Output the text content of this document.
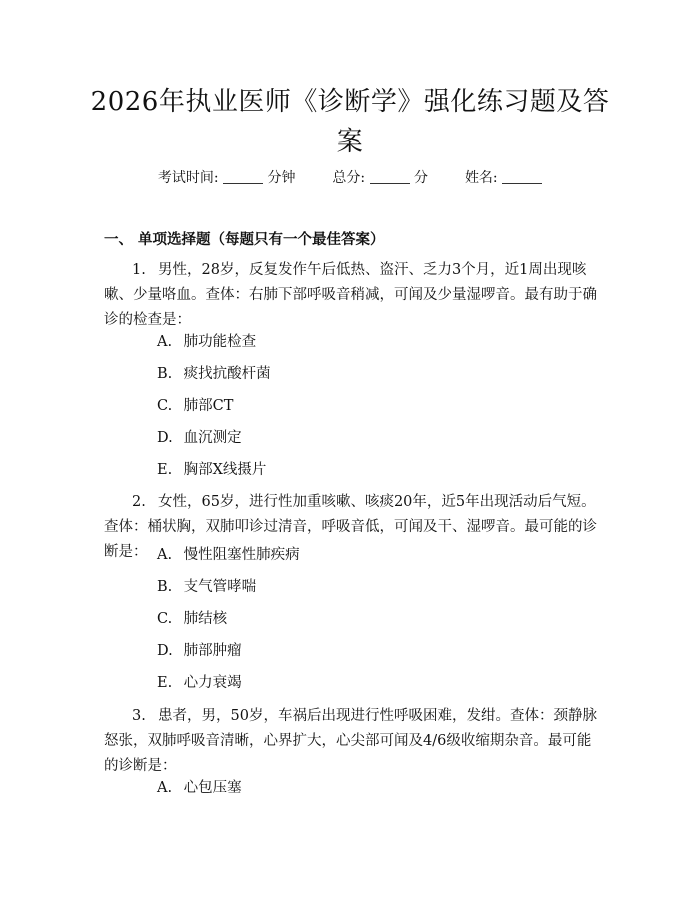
2026年执业医师《诊断学》强化练习题及答案
考试时间:	分钟	总分:	分	姓名:
一、 单项选择题（每题只有一个最佳答案）
1. 男性，28岁，反复发作午后低热、盗汗、乏力3个月，近1周出现咳嗽、少量咯血。查体：右肺下部呼吸音稍减，可闻及少量湿啰音。最有助于确诊的检查是：
A. 肺功能检查
B. 痰找抗酸杆菌
C. 肺部CT
D. 血沉测定
E. 胸部X线摄片
2. 女性，65岁，进行性加重咳嗽、咳痰20年，近5年出现活动后气短。查体：桶状胸，双肺叩诊过清音，呼吸音低，可闻及干、湿啰音。最可能的诊断是： A. 慢性阻塞性肺疾病
B. 支气管哮喘
C. 肺结核
D. 肺部肿瘤
E. 心力衰竭
3. 患者，男，50岁，车祸后出现进行性呼吸困难，发绀。查体：颈静脉怒张，双肺呼吸音清晰，心界扩大，心尖部可闻及4/6级收缩期杂音。最可能的诊断是：
A. 心包压塞
